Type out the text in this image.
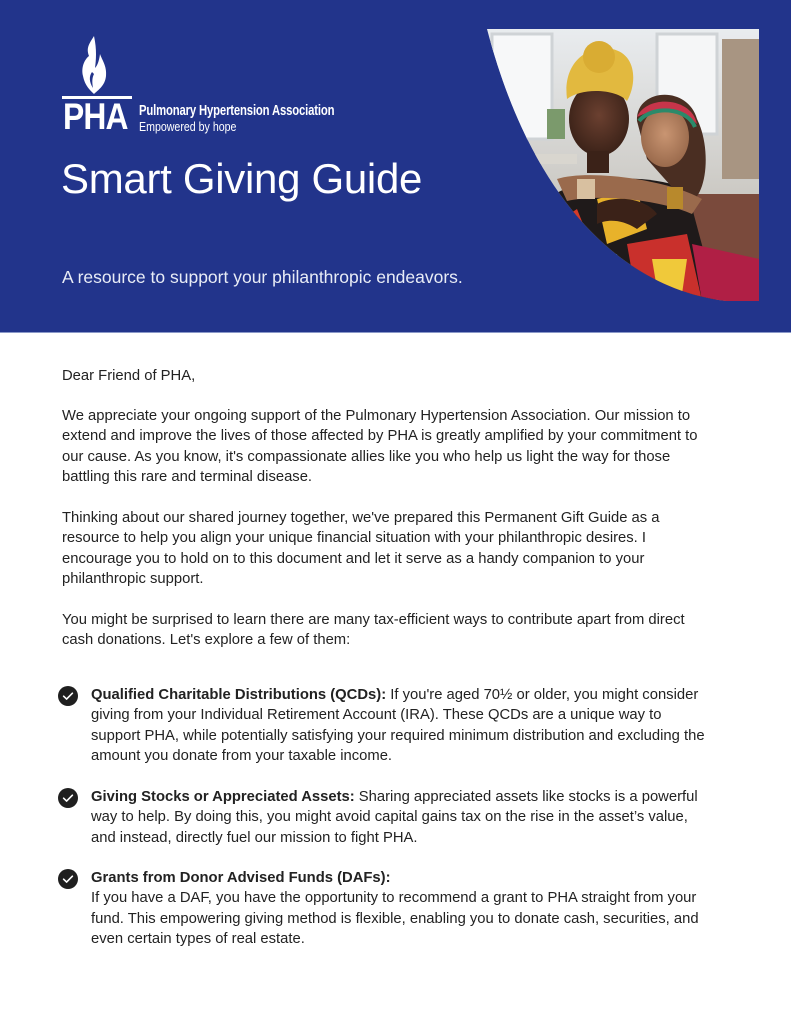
PHA Pulmonary Hypertension Association
Empowered by hope
Smart Giving Guide

A resource to support your philanthropic endeavors.

Dear Friend of PHA,

We appreciate your ongoing support of the Pulmonary Hypertension Association. Our mission to extend and improve the lives of those affected by PHA is greatly amplified by your commitment to our cause. As you know, it's compassionate allies like you who help us light the way for those battling this rare and terminal disease.

Thinking about our shared journey together, we've prepared this Permanent Gift Guide as a resource to help you align your unique financial situation with your philanthropic desires. I encourage you to hold on to this document and let it serve as a handy companion to your philanthropic support.

You might be surprised to learn there are many tax-efficient ways to contribute apart from direct cash donations. Let's explore a few of them:

Qualified Charitable Distributions (QCDs): If you're aged 70½ or older, you might consider giving from your Individual Retirement Account (IRA). These QCDs are a unique way to support PHA, while potentially satisfying your required minimum distribution and excluding the amount you donate from your taxable income.

Giving Stocks or Appreciated Assets: Sharing appreciated assets like stocks is a powerful way to help. By doing this, you might avoid capital gains tax on the rise in the asset’s value, and instead, directly fuel our mission to fight PHA.

Grants from Donor Advised Funds (DAFs):
If you have a DAF, you have the opportunity to recommend a grant to PHA straight from your fund. This empowering giving method is flexible, enabling you to donate cash, securities, and even certain types of real estate.
